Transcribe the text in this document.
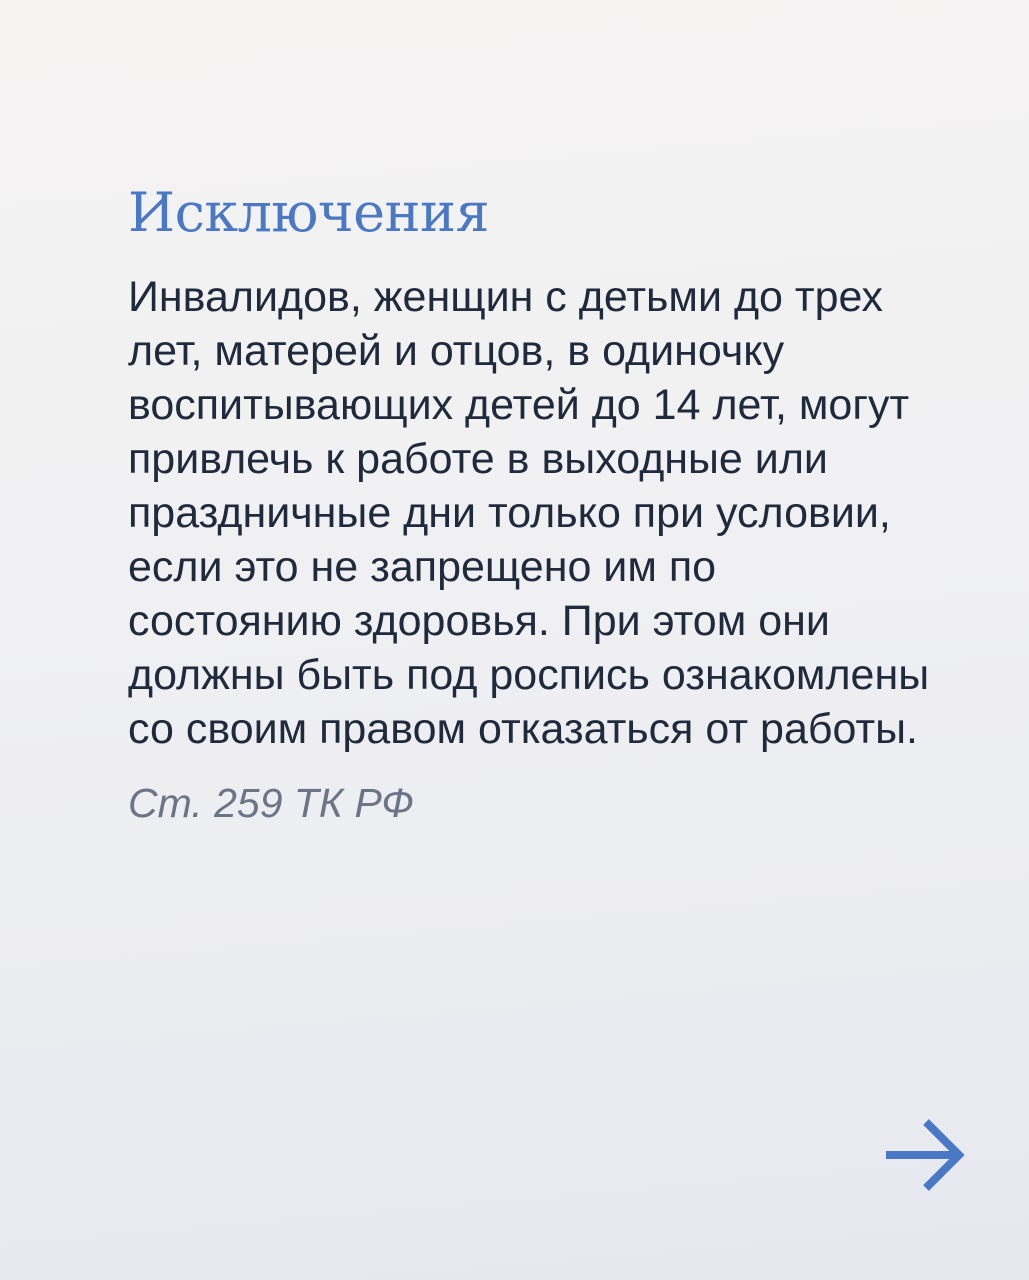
Исключения

Инвалидов, женщин с детьми до трех
лет, матерей и отцов, в одиночку
воспитывающих детей до 14 лет, могут
привлечь к работе в выходные или
праздничные дни только при условии,
если это не запрещено им по
состоянию здоровья. При этом они
должны быть под роспись ознакомлены
со своим правом отказаться от работы.

Ст. 259 ТК РФ
